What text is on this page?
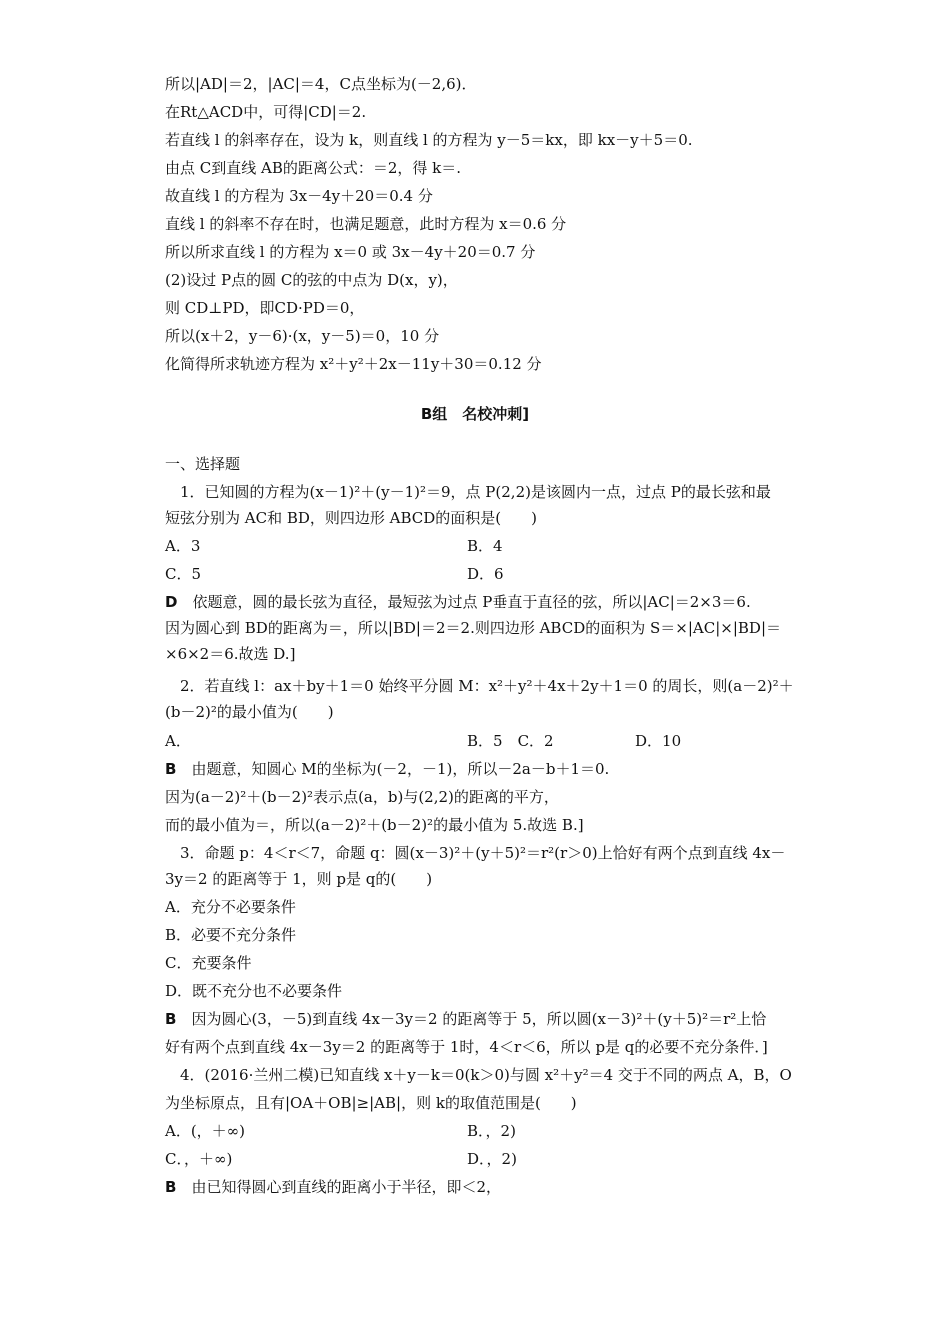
所以|AD|＝2，|AC|＝4，C点坐标为(－2,6)．
在Rt△ACD中，可得|CD|＝2.
若直线 l 的斜率存在，设为 k，则直线 l 的方程为 y－5＝kx，即 kx－y＋5＝0.
由点 C到直线 AB的距离公式：＝2，得 k＝.
故直线 l 的方程为 3x－4y＋20＝0.4 分
直线 l 的斜率不存在时，也满足题意，此时方程为 x＝0.6 分
所以所求直线 l 的方程为 x＝0 或 3x－4y＋20＝0.7 分
(2)设过 P点的圆 C的弦的中点为 D(x，y)，
则 CD⊥PD，即CD·PD＝0，
所以(x＋2，y－6)·(x，y－5)＝0，10 分
化简得所求轨迹方程为 x²＋y²＋2x－11y＋30＝0.12 分
B组　名校冲刺]
一、选择题
1．已知圆的方程为(x－1)²＋(y－1)²＝9，点 P(2,2)是该圆内一点，过点 P的最长弦和最
短弦分别为 AC和 BD，则四边形 ABCD的面积是(　　)
A．3	B．4
C．5	D．6
D　 依题意，圆的最长弦为直径，最短弦为过点 P垂直于直径的弦，所以|AC|＝2×3＝6.
因为圆心到 BD的距离为＝，所以|BD|＝2＝2.则四边形 ABCD的面积为 S＝×|AC|×|BD|＝
×6×2＝6.故选 D.]
2．若直线 l：ax＋by＋1＝0 始终平分圆 M：x²＋y²＋4x＋2y＋1＝0 的周长，则(a－2)²＋
(b－2)²的最小值为(　　)
A．	B．5　C．2	D．10
B　 由题意，知圆心 M的坐标为(－2，－1)，所以－2a－b＋1＝0.
因为(a－2)²＋(b－2)²表示点(a，b)与(2,2)的距离的平方，
而的最小值为＝，所以(a－2)²＋(b－2)²的最小值为 5.故选 B.]
3．命题 p：4＜r＜7，命题 q：圆(x－3)²＋(y＋5)²＝r²(r＞0)上恰好有两个点到直线 4x－
3y＝2 的距离等于 1，则 p是 q的(　　)
A．充分不必要条件
B．必要不充分条件
C．充要条件
D．既不充分也不必要条件
B　 因为圆心(3，－5)到直线 4x－3y＝2 的距离等于 5，所以圆(x－3)²＋(y＋5)²＝r²上恰
好有两个点到直线 4x－3y＝2 的距离等于 1时，4＜r＜6，所以 p是 q的必要不充分条件．]
4．(2016·兰州二模)已知直线 x＋y－k＝0(k＞0)与圆 x²＋y²＝4 交于不同的两点 A，B，O
为坐标原点，且有|OA＋OB|≥|AB|，则 k的取值范围是(　　)
A．(，＋∞)	B．，2)
C．，＋∞)	D．，2)
B　 由已知得圆心到直线的距离小于半径，即＜2，
